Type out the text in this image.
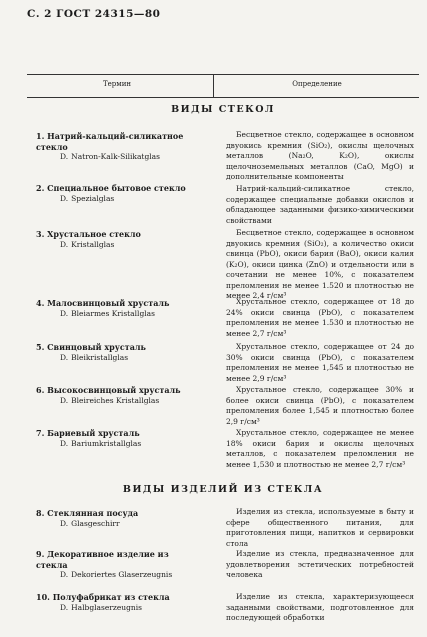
С. 2 ГОСТ 24315—80
Термин	Определение
ВИДЫ СТЕКОЛ
1. Натрий-кальций-силикатное стекло
D. Natron-Kalk-Silikatglas
Бесцветное стекло, содержащее в основном двуокись кремния (SiO₂), окислы щелочных металлов (Na₂O, K₂O), окислы щелочноземельных металлов (CaO, MgO) и дополнительные компоненты
2. Специальное бытовое стекло
D. Spezialglas
Натрий-кальций-силикатное стекло, содержащее специальные добавки окислов и обладающее заданными физико-химическими свойствами
3. Хрустальное стекло
D. Kristallglas
Бесцветное стекло, содержащее в основном двуокись кремния (SiO₂), а количество окиси свинца (PbO), окиси бария (BaO), окиси калия (K₂O), окиси цинка (ZnO) и отдельности или в сочетании не менее 10%, с показателем преломления не менее 1.520 и плотностью не менее 2,4 г/см³
4. Малосвинцовый хрусталь
D. Bleiarmes Kristallglas
Хрустальное стекло, содержащее от 18 до 24% окиси свинца (PbO), с показателем преломления не менее 1.530 и плотностью не менее 2,7 г/см³
5. Свинцовый хрусталь
D. Bleikristallglas
Хрустальное стекло, содержащее от 24 до 30% окиси свинца (PbO), с показателем преломления не менее 1,545 и плотностью не менее 2,9 г/см³
6. Высокосвинцовый хрусталь
D. Bleireiches Kristallglas
Хрустальное стекло, содержащее 30% и более окиси свинца (PbO), с показателем преломления более 1,545 и плотностью более 2,9 г/см³
7. Бариевый хрусталь
D. Bariumkristallglas
Хрустальное стекло, содержащее не менее 18% окиси бария и окислы щелочных металлов, с показателем преломления не менее 1,530 и плотностью не менее 2,7 г/см³
ВИДЫ ИЗДЕЛИЙ ИЗ СТЕКЛА
8. Стеклянная посуда
D. Glasgeschirr
Изделия из стекла, используемые в быту и сфере общественного питания, для приготовления пищи, напитков и сервировки стола
9. Декоративное изделие из стекла
D. Dekoriertes Glaserzeugnis
Изделие из стекла, предназначенное для удовлетворения эстетических потребностей человека
10. Полуфабрикат из стекла
D. Halbglaserzeugnis
Изделие из стекла, характеризующееся заданными свойствами, подготовленное для последующей обработки
